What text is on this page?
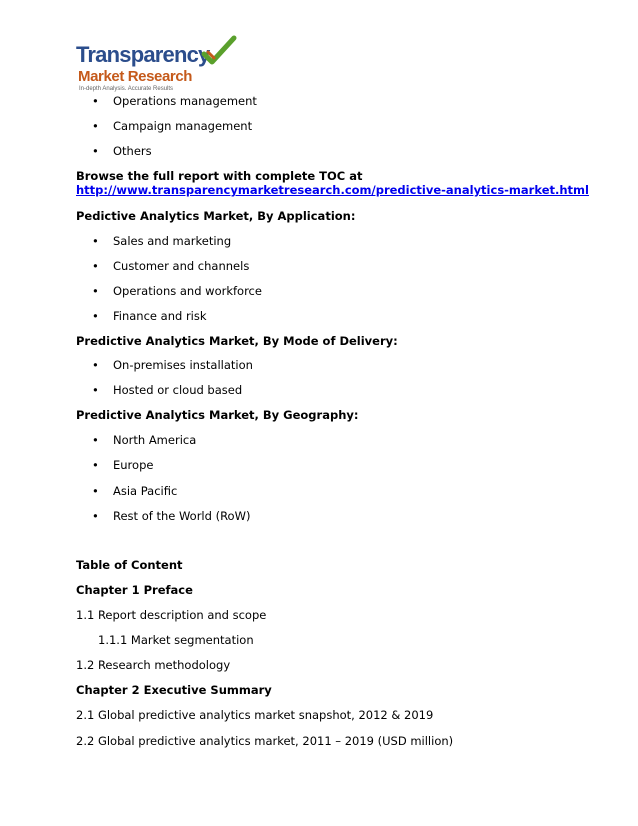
Transparency
Market Research
In-depth Analysis. Accurate Results
• Operations management
• Campaign management
• Others
Browse the full report with complete TOC at
http://www.transparencymarketresearch.com/predictive-analytics-market.html
Pedictive Analytics Market, By Application:
• Sales and marketing
• Customer and channels
• Operations and workforce
• Finance and risk
Predictive Analytics Market, By Mode of Delivery:
• On-premises installation
• Hosted or cloud based
Predictive Analytics Market, By Geography:
• North America
• Europe
• Asia Pacific
• Rest of the World (RoW)
Table of Content
Chapter 1 Preface
1.1 Report description and scope
1.1.1 Market segmentation
1.2 Research methodology
Chapter 2 Executive Summary
2.1 Global predictive analytics market snapshot, 2012 & 2019
2.2 Global predictive analytics market, 2011 – 2019 (USD million)
